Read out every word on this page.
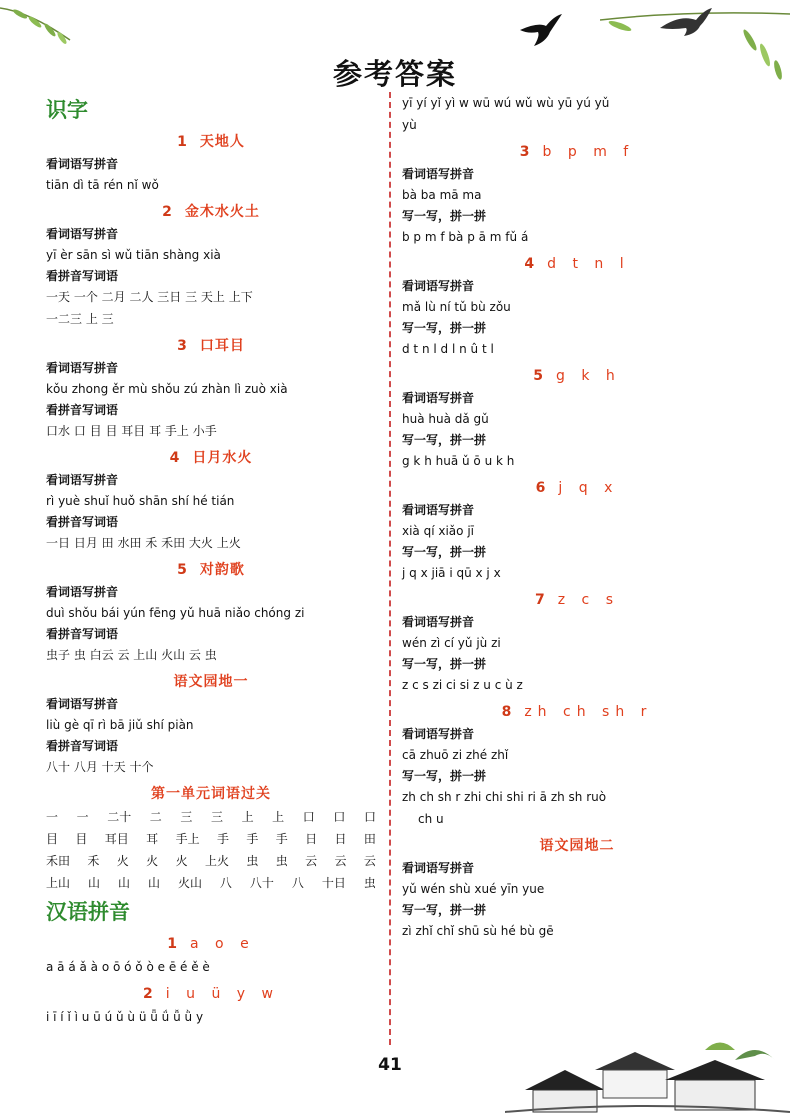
参考答案
识字
1 天地人
看词语写拼音
tiān dì tā rén nǐ wǒ
2 金木水火土
看词语写拼音
yī èr sān sì wǔ tiān shàng xià
看拼音写词语
一天 一个 二月 二人 三日 三 天上 上下
一二三 上 三
3 口耳目
看词语写拼音
kǒu zhong ěr mù shǒu zú zhàn lì zuò xià
看拼音写词语
口水 口 目 目 耳目 耳 手上 小手
4 日月水火
看词语写拼音
rì yuè shuǐ huǒ shān shí hé tián
看拼音写词语
一日 日月 田 水田 禾 禾田 大火 上火
5 对韵歌
看词语写拼音
duì shǒu bái yún fēng yǔ huā niǎo chóng zi
看拼音写词语
虫子 虫 白云 云 上山 火山 云 虫
语文园地一
看词语写拼音
liù gè qī rì bā jiǔ shí piàn
看拼音写词语
八十 八月 十天 十个
第一单元词语过关
一 一 二十 二 三 三 上 上 口 口 口
目 目 耳目 耳 手上 手 手 手 日 日 田
禾田 禾 火 火 火 上火 虫 虫 云 云 云
上山 山 山 山 火山 八 八十 八 十日 虫
汉语拼音
1 a o e
a ā á ǎ à o ō ó ǒ ò e ē é ě è
2 i u ü y w
i ī í ǐ ì u ū ú ǔ ù ü ǖ ǘ ǚ ǜ y
yī yí yǐ yì w wū wú wǔ wù yū yú yǔ
yù
3 b p m f
看词语写拼音
bà ba mā ma
写一写，拼一拼
b p m f bà p ā m fǔ á
4 d t n l
看词语写拼音
mǎ lù ní tǔ bù zǒu
写一写，拼一拼
d t n l d l n û t l
5 g k h
看词语写拼音
huà huà dǎ gǔ
写一写，拼一拼
g k h huā ǔ ō u k h
6 j q x
看词语写拼音
xià qí xiǎo jī
写一写，拼一拼
j q x jiā i qū x j x
7 z c s
看词语写拼音
wén zì cí yǔ jù zi
写一写，拼一拼
z c s zi ci si z u c ù z
8 zh ch sh r
看词语写拼音
cā zhuō zi zhé zhǐ
写一写，拼一拼
zh ch sh r zhi chi shi ri ā zh sh ruò
ch u
语文园地二
看词语写拼音
yǔ wén shù xué yīn yue
写一写，拼一拼
zì zhǐ chǐ shū sù hé bù gē
41
